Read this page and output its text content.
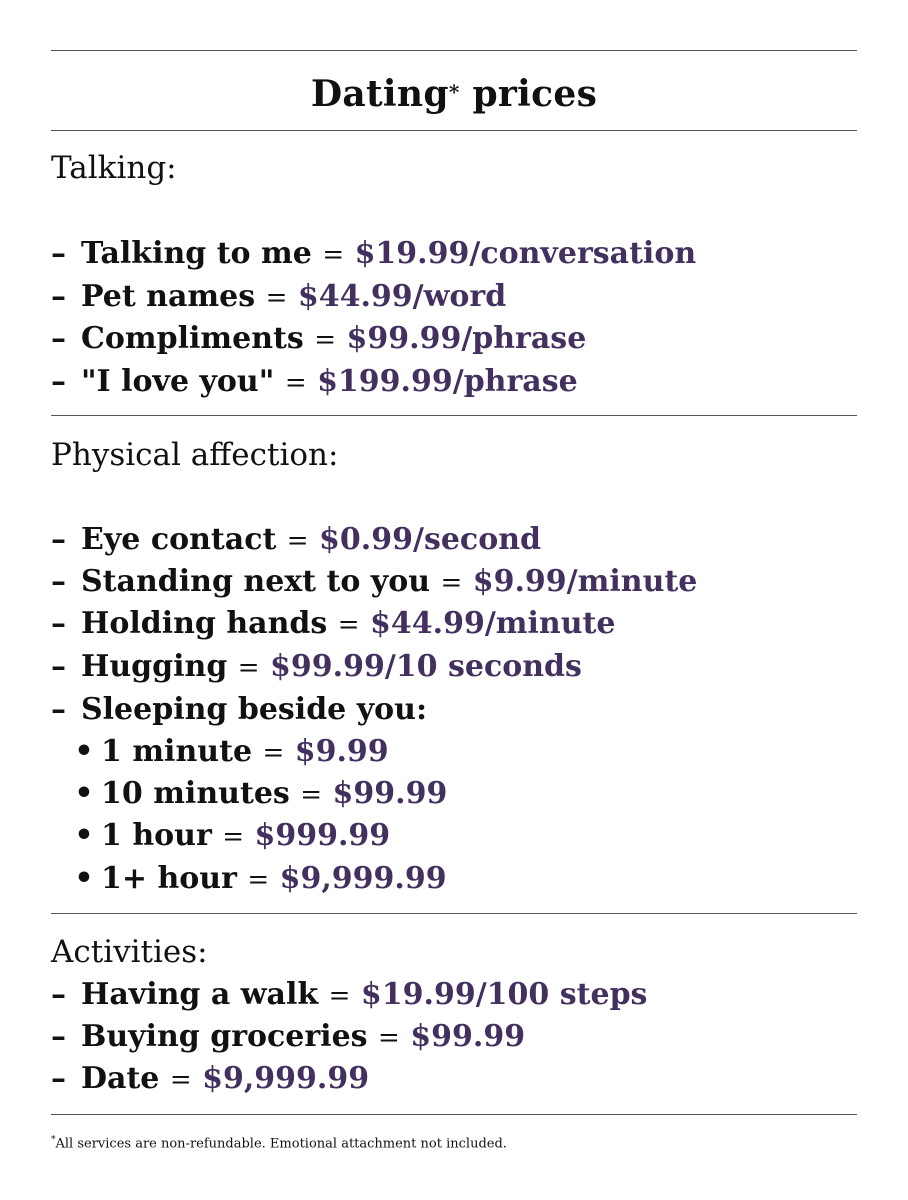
Dating* prices
Talking:
– Talking to me = $19.99/conversation
– Pet names = $44.99/word
– Compliments = $99.99/phrase
– "I love you" = $199.99/phrase
Physical affection:
– Eye contact = $0.99/second
– Standing next to you = $9.99/minute
– Holding hands = $44.99/minute
– Hugging = $99.99/10 seconds
– Sleeping beside you:
• 1 minute = $9.99
• 10 minutes = $99.99
• 1 hour = $999.99
• 1+ hour = $9,999.99
Activities:
– Having a walk = $19.99/100 steps
– Buying groceries = $99.99
– Date = $9,999.99
*All services are non-refundable. Emotional attachment not included.
